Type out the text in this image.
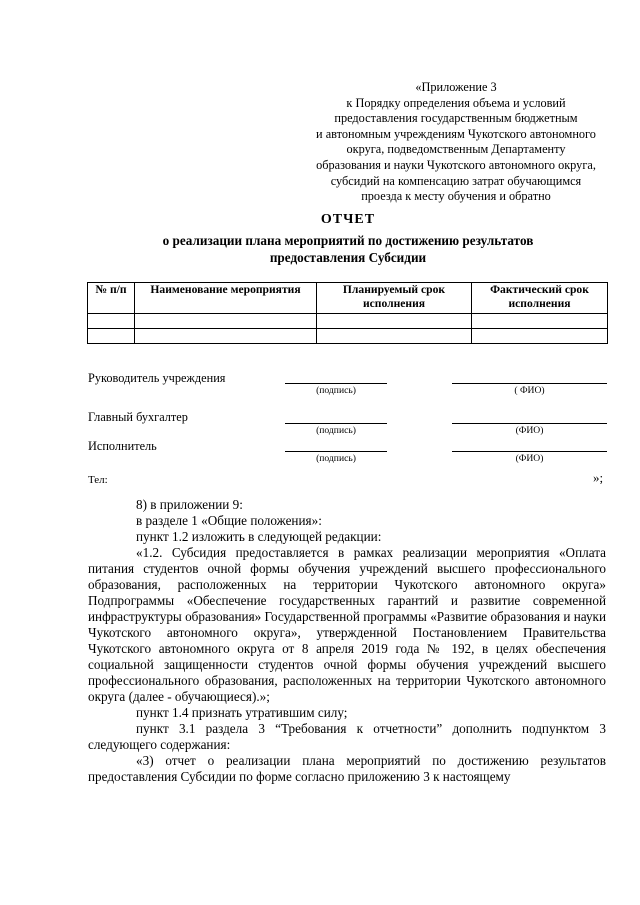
«Приложение 3
к Порядку определения объема и условий
предоставления государственным бюджетным
и автономным учреждениям Чукотского автономного
округа, подведомственным Департаменту
образования и науки Чукотского автономного округа,
субсидий на компенсацию затрат обучающимся
проезда к месту обучения и обратно
ОТЧЕТ
о реализации плана мероприятий по достижению результатов
предоставления Субсидии
№ п/п	Наименование мероприятия	Планируемый срок исполнения	Фактический срок исполнения

Руководитель учреждения
(подпись)	( ФИО)
Главный бухгалтер
(подпись)	(ФИО)
Исполнитель
(подпись)	(ФИО)
Тел:	»;

8) в приложении 9:

в разделе 1 «Общие положения»:

пункт 1.2 изложить в следующей редакции:

«1.2. Субсидия предоставляется в рамках реализации мероприятия «Оплата питания студентов очной формы обучения учреждений высшего профессионального образования, расположенных на территории Чукотского автономного округа» Подпрограммы «Обеспечение государственных гарантий и развитие современной инфраструктуры образования» Государственной программы «Развитие образования и науки Чукотского автономного округа», утвержденной Постановлением Правительства Чукотского автономного округа от 8 апреля 2019 года № 192, в целях обеспечения социальной защищенности студентов очной формы обучения учреждений высшего профессионального образования, расположенных на территории Чукотского автономного округа (далее - обучающиеся).»;

пункт 1.4 признать утратившим силу;

пункт 3.1 раздела 3 “Требования к отчетности” дополнить подпунктом 3 следующего содержания:

«3) отчет о реализации плана мероприятий по достижению результатов предоставления Субсидии по форме согласно приложению 3 к настоящему
